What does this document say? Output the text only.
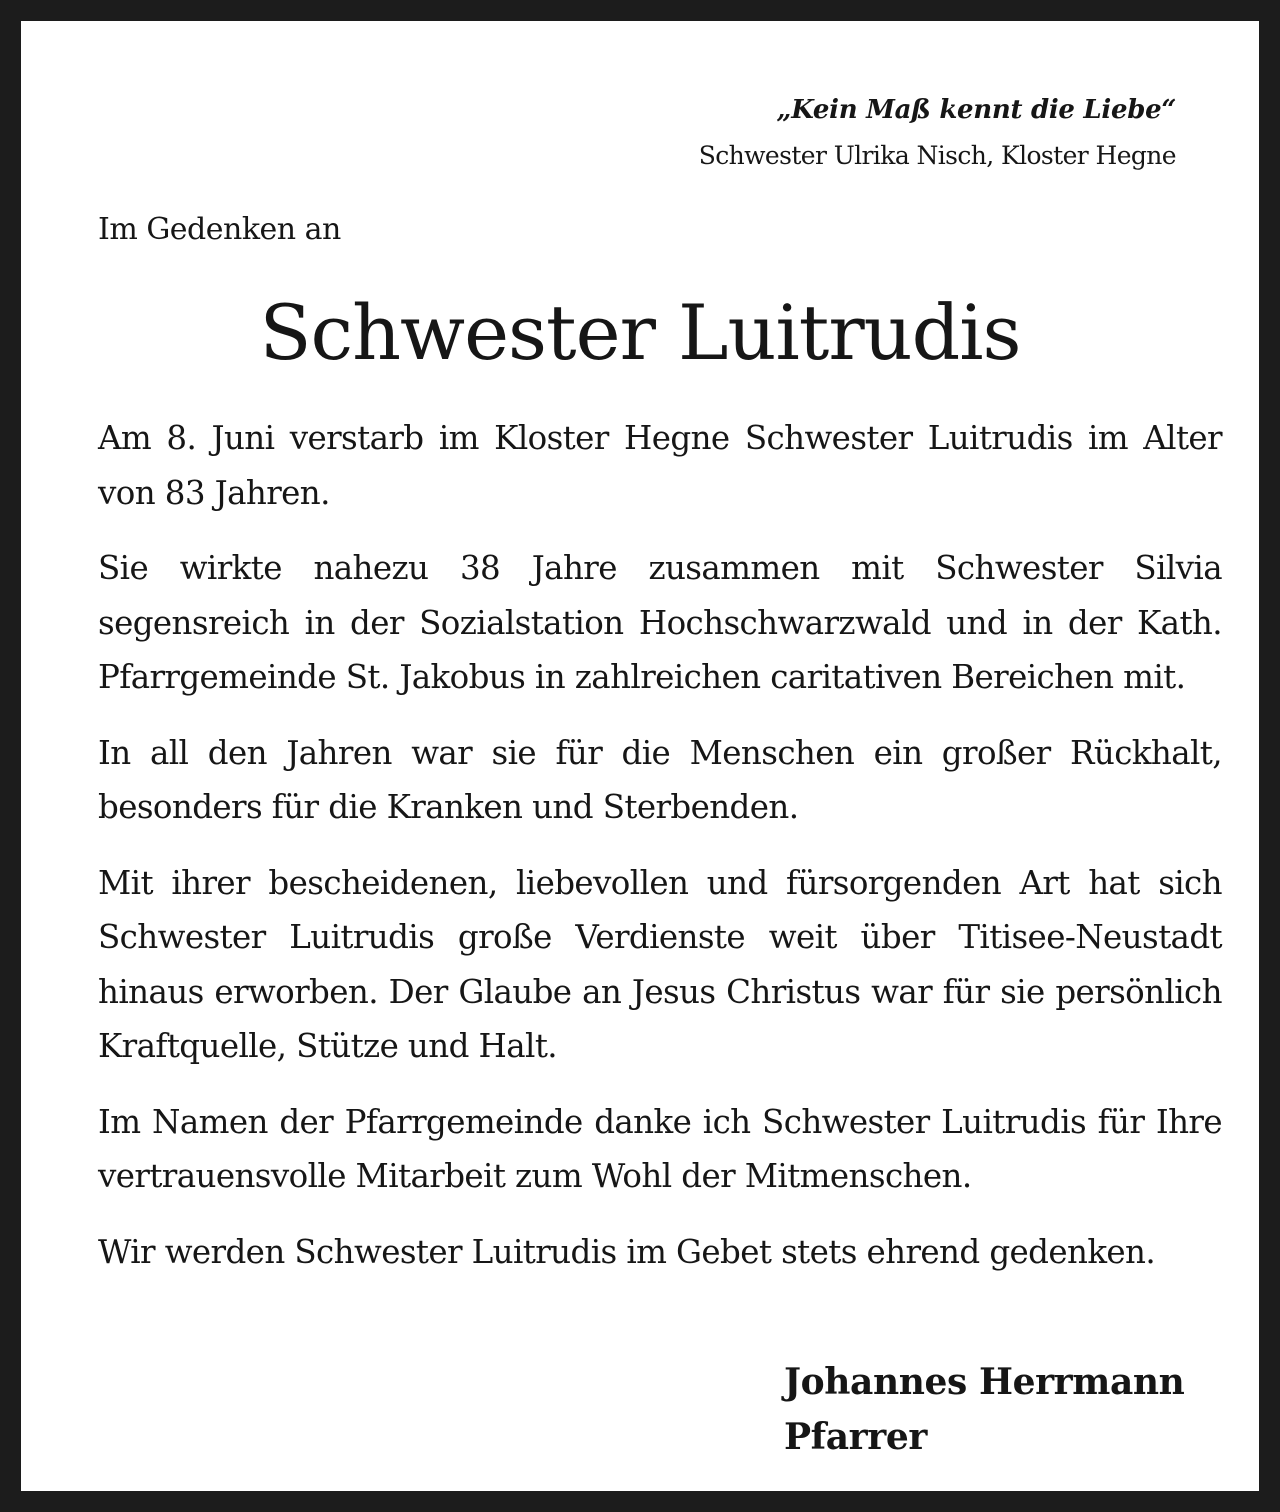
„Kein Maß kennt die Liebe“
Schwester Ulrika Nisch, Kloster Hegne
Im Gedenken an
Schwester Luitrudis

Am 8. Juni verstarb im Kloster Hegne Schwester Luitrudis im Alter von 83 Jahren.

Sie wirkte nahezu 38 Jahre zusammen mit Schwester Silvia segensreich in der Sozialstation Hochschwarzwald und in der Kath. Pfarrgemeinde St. Jakobus in zahlreichen caritativen Bereichen mit.

In all den Jahren war sie für die Menschen ein großer Rückhalt, besonders für die Kranken und Sterbenden.

Mit ihrer bescheidenen, liebevollen und fürsorgenden Art hat sich Schwester Luitrudis große Verdienste weit über Titisee-Neustadt hinaus erworben. Der Glaube an Jesus Christus war für sie persönlich Kraftquelle, Stütze und Halt.

Im Namen der Pfarrgemeinde danke ich Schwester Luitrudis für Ihre vertrauensvolle Mitarbeit zum Wohl der Mitmenschen.

Wir werden Schwester Luitrudis im Gebet stets ehrend gedenken.

Johannes Herrmann
Pfarrer
